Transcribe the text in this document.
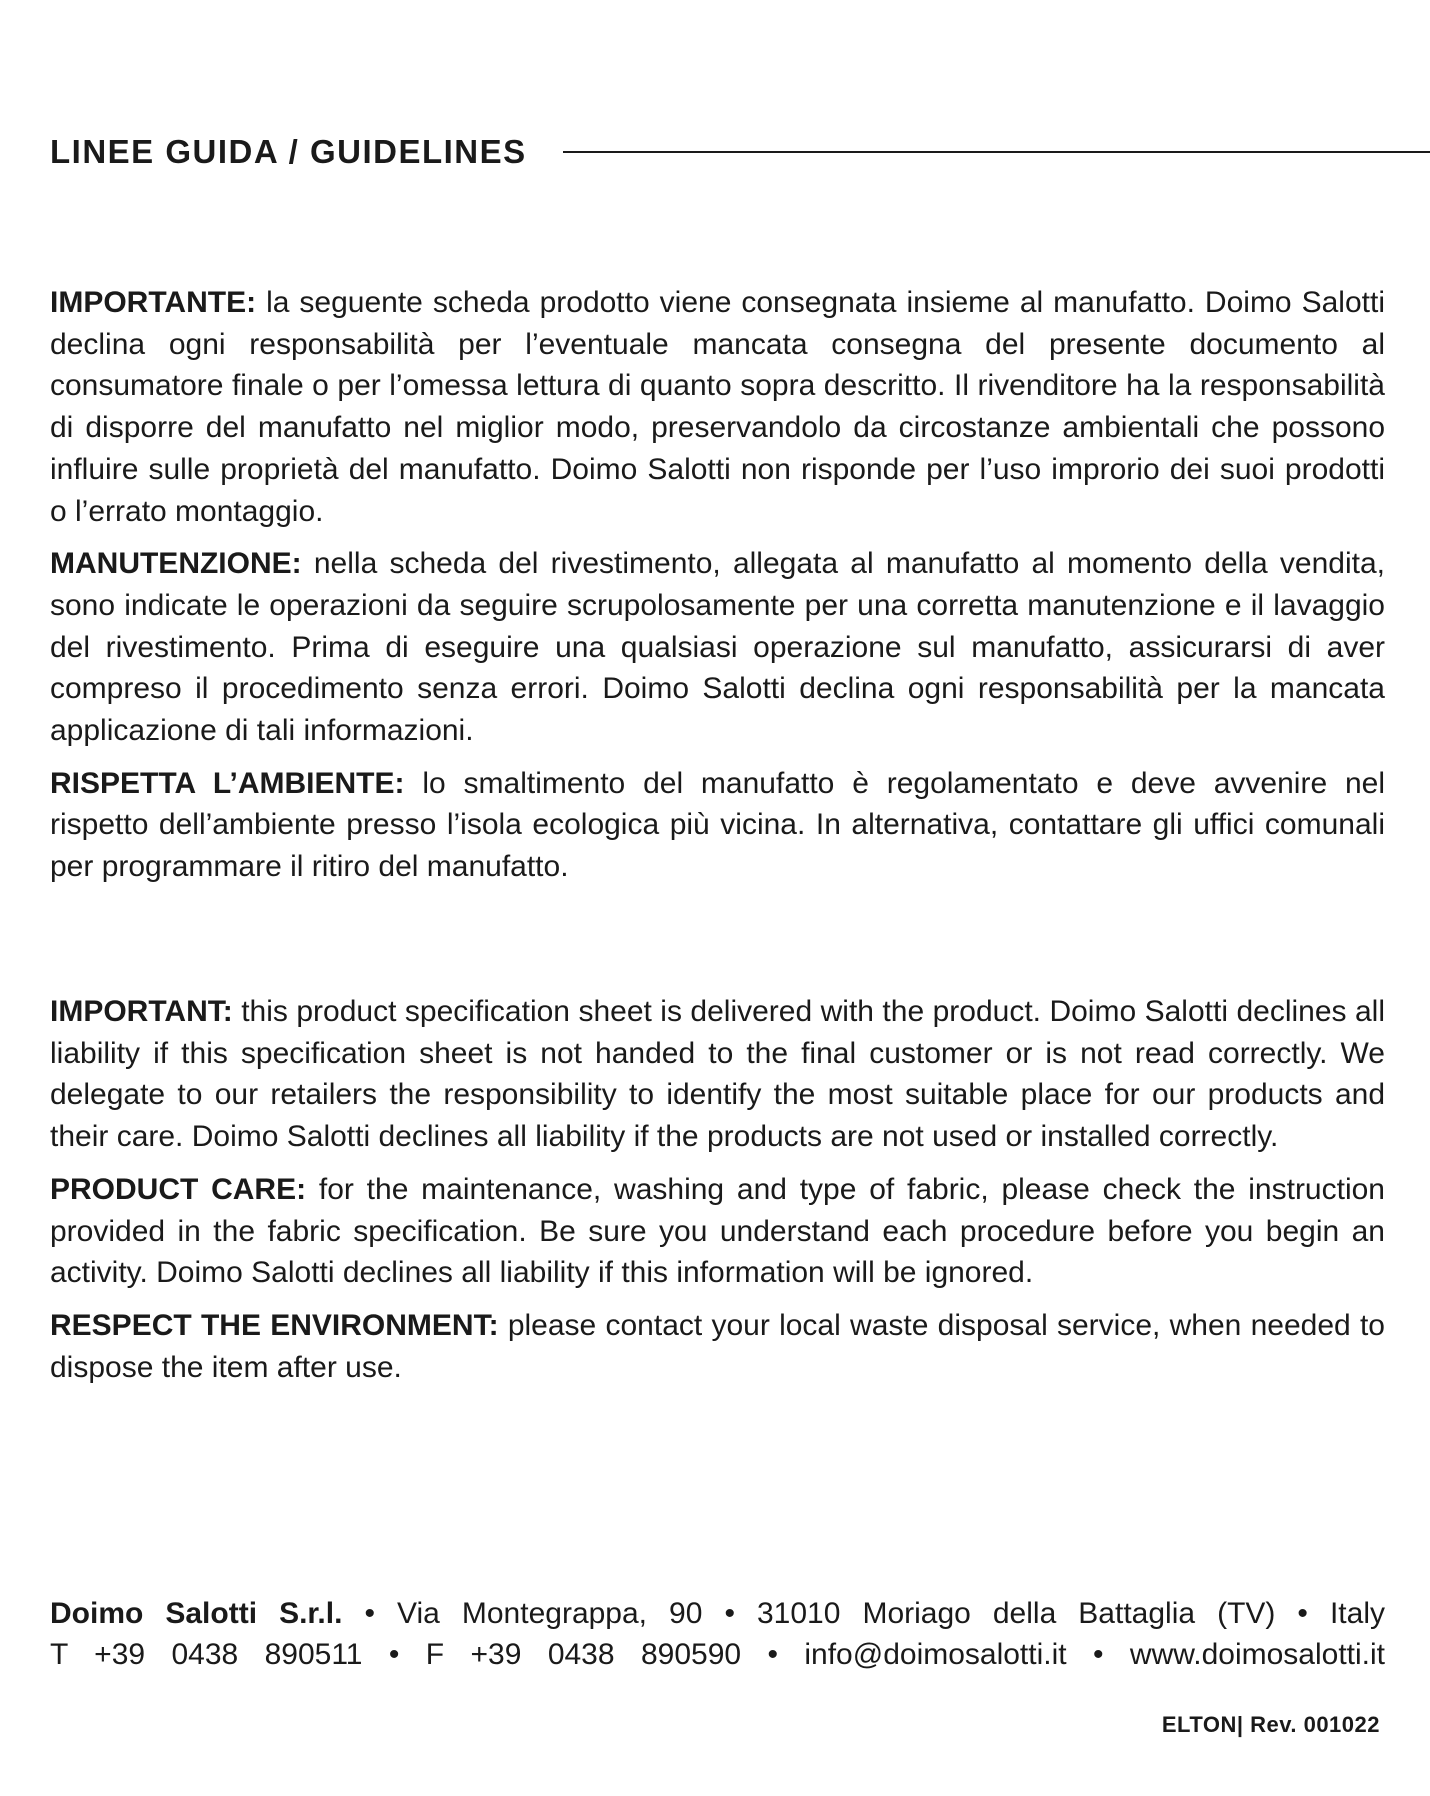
LINEE GUIDA / GUIDELINES

IMPORTANTE: la seguente scheda prodotto viene consegnata insieme al manufatto. Doimo Salotti declina ogni responsabilità per l’eventuale mancata consegna del presente documento al consumatore finale o per l’omessa lettura di quanto sopra descritto. Il rivenditore ha la responsabilità di disporre del manufatto nel miglior modo, preservandolo da circostanze ambientali che possono influire sulle proprietà del manufatto. Doimo Salotti non risponde per l’uso improrio dei suoi prodotti o l’errato montaggio.

MANUTENZIONE: nella scheda del rivestimento, allegata al manufatto al momento della vendita, sono indicate le operazioni da seguire scrupolosamente per una corretta manutenzione e il lavaggio del rivestimento. Prima di eseguire una qualsiasi operazione sul manufatto, assicurarsi di aver compreso il procedimento senza errori. Doimo Salotti declina ogni responsabilità per la mancata applicazione di tali informazioni.

RISPETTA L’AMBIENTE: lo smaltimento del manufatto è regolamentato e deve avvenire nel rispetto dell’ambiente presso l’isola ecologica più vicina. In alternativa, contattare gli uffici comunali per programmare il ritiro del manufatto.

IMPORTANT: this product specification sheet is delivered with the product. Doimo Salotti declines all liability if this specification sheet is not handed to the final customer or is not read correctly. We delegate to our retailers the responsibility to identify the most suitable place for our products and their care. Doimo Salotti declines all liability if the products are not used or installed correctly.

PRODUCT CARE: for the maintenance, washing and type of fabric, please check the instruction provided in the fabric specification. Be sure you understand each procedure before you begin an activity. Doimo Salotti declines all liability if this information will be ignored.

RESPECT THE ENVIRONMENT: please contact your local waste disposal service, when needed to dispose the item after use.

Doimo Salotti S.r.l. • Via Montegrappa, 90 • 31010 Moriago della Battaglia (TV) • Italy
T +39 0438 890511 • F +39 0438 890590 • info@doimosalotti.it • www.doimosalotti.it
ELTON| Rev. 001022
